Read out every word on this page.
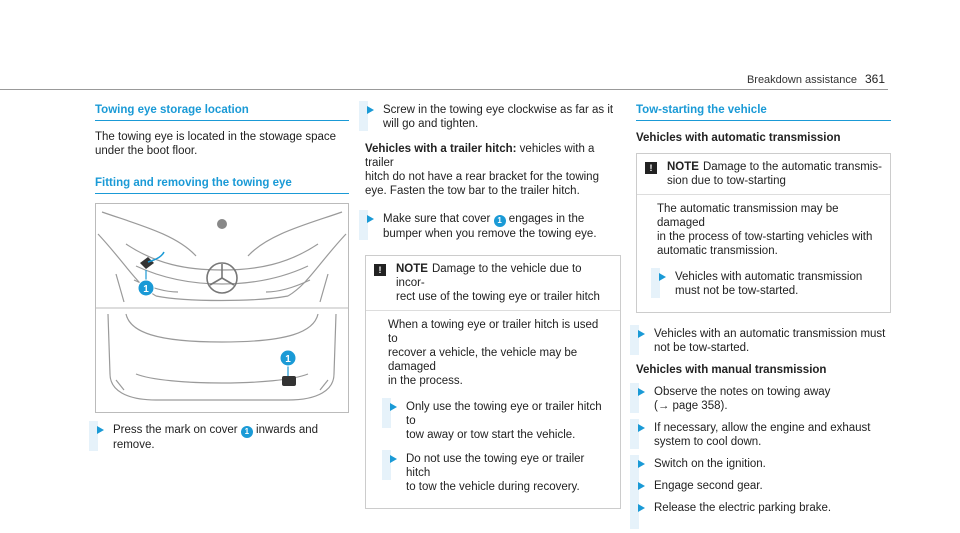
Breakdown assistance 361
Towing eye storage location
The towing eye is located in the stowage space
under the boot floor.
Fitting and removing the towing eye
1
1
Press the mark on cover 1 inwards and
remove.
Screw in the towing eye clockwise as far as it
will go and tighten.
Vehicles with a trailer hitch: vehicles with a trailer
hitch do not have a rear bracket for the towing
eye. Fasten the tow bar to the trailer hitch.
Make sure that cover 1 engages in the
bumper when you remove the towing eye.
!	NOTE Damage to the vehicle due to incor-
rect use of the towing eye or trailer hitch
When a towing eye or trailer hitch is used to
recover a vehicle, the vehicle may be damaged
in the process.
Only use the towing eye or trailer hitch to
tow away or tow start the vehicle.
Do not use the towing eye or trailer hitch
to tow the vehicle during recovery.
Tow-starting the vehicle
Vehicles with automatic transmission
!	NOTE Damage to the automatic transmis-
sion due to tow-starting
The automatic transmission may be damaged
in the process of tow-starting vehicles with
automatic transmission.
Vehicles with automatic transmission
must not be tow-started.
Vehicles with an automatic transmission must
not be tow-started.
Vehicles with manual transmission
Observe the notes on towing away
(→ page 358).
If necessary, allow the engine and exhaust
system to cool down.
Switch on the ignition.
Engage second gear.
Release the electric parking brake.
